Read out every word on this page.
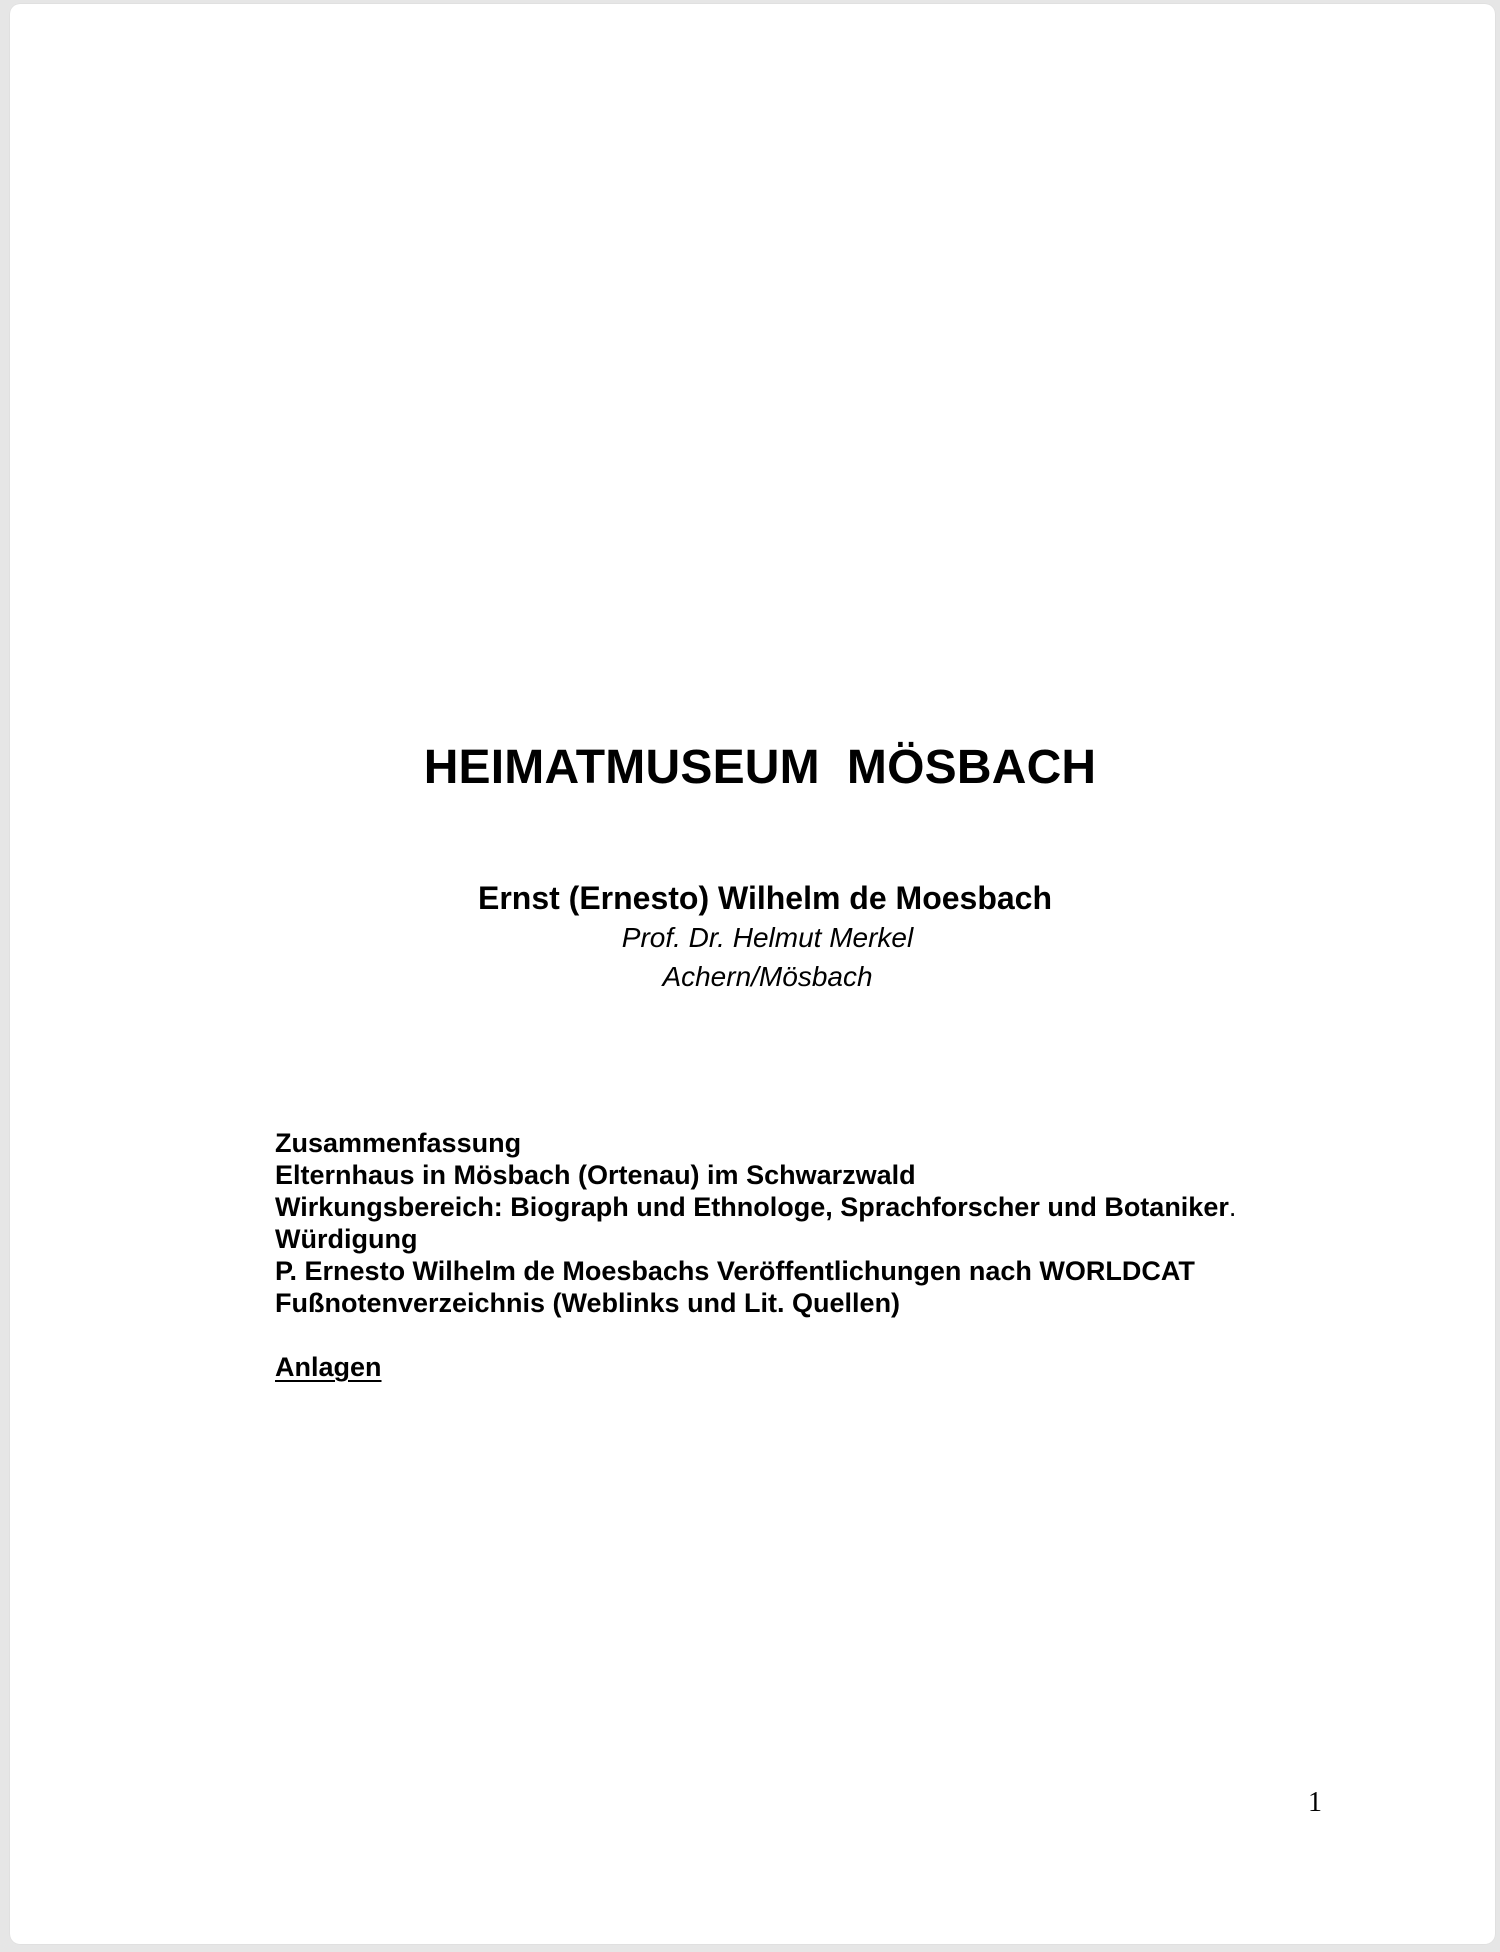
HEIMATMUSEUM  MÖSBACH
Ernst (Ernesto) Wilhelm de Moesbach
Prof. Dr. Helmut Merkel
Achern/Mösbach
Zusammenfassung
Elternhaus in Mösbach (Ortenau) im Schwarzwald
Wirkungsbereich: Biograph und Ethnologe, Sprachforscher und Botaniker.
Würdigung
P. Ernesto Wilhelm de Moesbachs Veröffentlichungen nach WORLDCAT
Fußnotenverzeichnis (Weblinks und Lit. Quellen)
Anlagen
1
